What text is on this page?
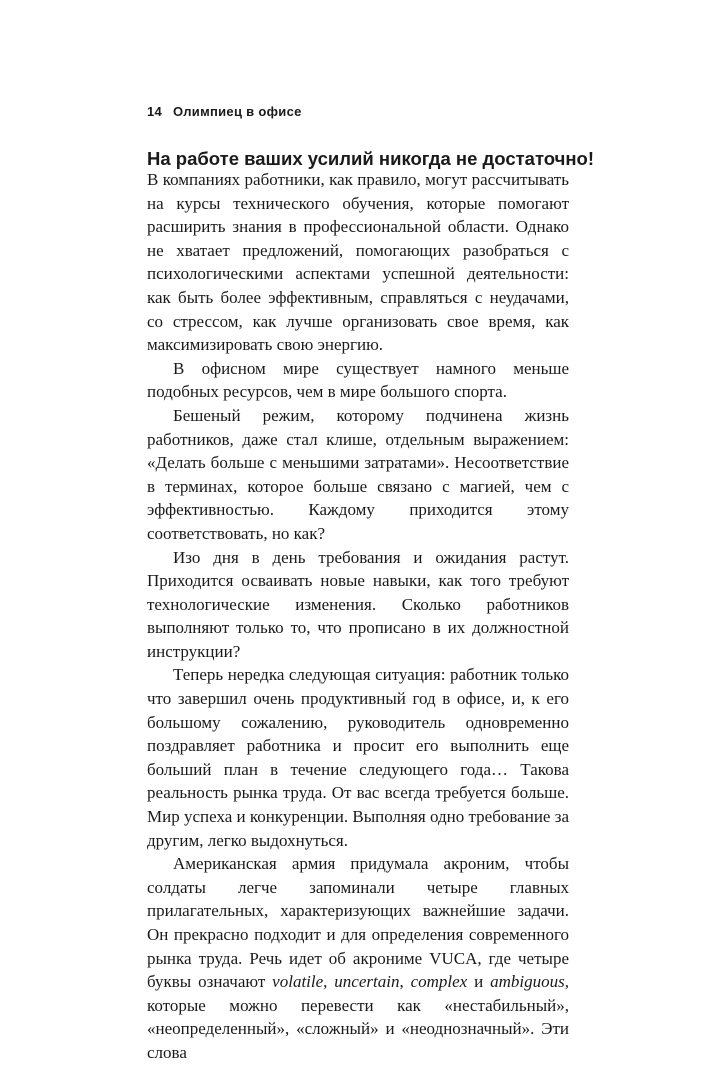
14 Олимпиец в офисе
На работе ваших усилий никогда не достаточно!

В компаниях работники, как правило, могут рассчитывать на курсы технического обучения, которые помогают расширить знания в профессиональной области. Однако не хватает предложений, помогающих разобраться с психологическими аспектами успешной деятельности: как быть более эффективным, справляться с неудачами, со стрессом, как лучше организовать свое время, как максимизировать свою энергию.

В офисном мире существует намного меньше подобных ресурсов, чем в мире большого спорта.

Бешеный режим, которому подчинена жизнь работников, даже стал клише, отдельным выражением: «Делать больше с меньшими затратами». Несоответствие в терминах, которое больше связано с магией, чем с эффективностью. Каждому приходится этому соответствовать, но как?

Изо дня в день требования и ожидания растут. Приходится осваивать новые навыки, как того требуют технологические изменения. Сколько работников выполняют только то, что прописано в их должностной инструкции?

Теперь нередка следующая ситуация: работник только что завершил очень продуктивный год в офисе, и, к его большому сожалению, руководитель одновременно поздравляет работника и просит его выполнить еще больший план в течение следующего года… Такова реальность рынка труда. От вас всегда требуется больше. Мир успеха и конкуренции. Выполняя одно требование за другим, легко выдохнуться.

Американская армия придумала акроним, чтобы солдаты легче запоминали четыре главных прилагательных, характеризующих важнейшие задачи. Он прекрасно подходит и для определения современного рынка труда. Речь идет об акрониме VUCA, где четыре буквы означают volatile, uncertain, complex и ambiguous, которые можно перевести как «нестабильный», «неопределенный», «сложный» и «неоднозначный». Эти слова
